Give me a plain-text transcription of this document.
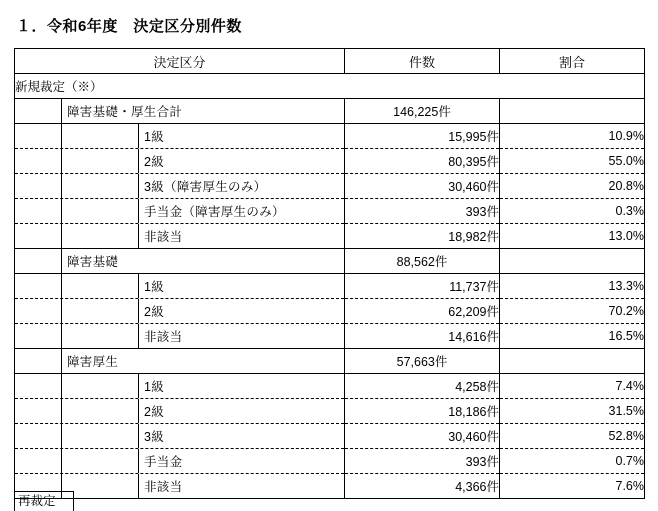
１．令和6年度　決定区分別件数
決定区分	件数	割合
新規裁定（※）		

障害基礎・厚生合計	146,225件	

1級	15,995件	10.9%

2級	80,395件	55.0%

3級（障害厚生のみ）	30,460件	20.8%

手当金（障害厚生のみ）	393件	0.3%

非該当	18,982件	13.0%

障害基礎	88,562件	

1級	11,737件	13.3%

2級	62,209件	70.2%

非該当	14,616件	16.5%

障害厚生	57,663件	

1級	4,258件	7.4%

2級	18,186件	31.5%

3級	30,460件	52.8%

手当金	393件	0.7%

非該当	4,366件	7.6%
再裁定
